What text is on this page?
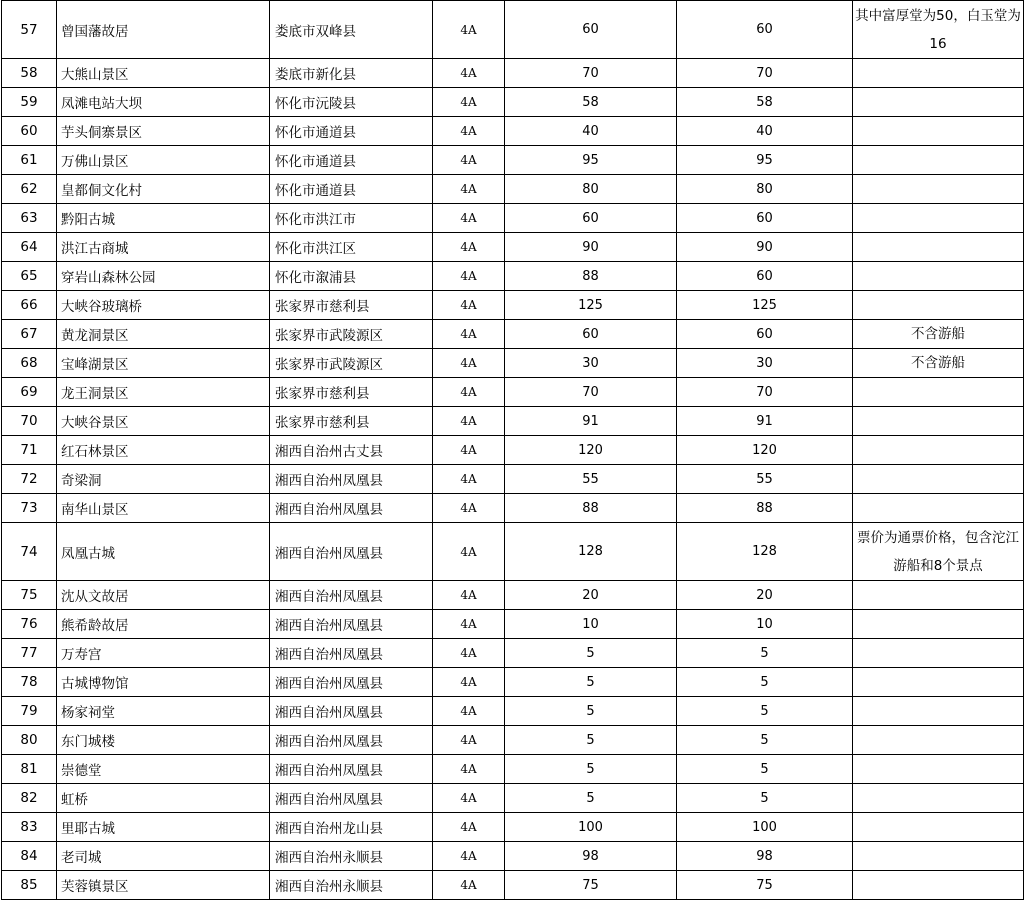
57	曾国藩故居	娄底市双峰县	4A	60	60	其中富厚堂为50，白玉堂为16
58	大熊山景区	娄底市新化县	4A	70	70	
59	凤滩电站大坝	怀化市沅陵县	4A	58	58	
60	芋头侗寨景区	怀化市通道县	4A	40	40	
61	万佛山景区	怀化市通道县	4A	95	95	
62	皇都侗文化村	怀化市通道县	4A	80	80	
63	黔阳古城	怀化市洪江市	4A	60	60	
64	洪江古商城	怀化市洪江区	4A	90	90	
65	穿岩山森林公园	怀化市溆浦县	4A	88	60	
66	大峡谷玻璃桥	张家界市慈利县	4A	125	125	
67	黄龙洞景区	张家界市武陵源区	4A	60	60	不含游船
68	宝峰湖景区	张家界市武陵源区	4A	30	30	不含游船
69	龙王洞景区	张家界市慈利县	4A	70	70	
70	大峡谷景区	张家界市慈利县	4A	91	91	
71	红石林景区	湘西自治州古丈县	4A	120	120	
72	奇梁洞	湘西自治州凤凰县	4A	55	55	
73	南华山景区	湘西自治州凤凰县	4A	88	88	
74	凤凰古城	湘西自治州凤凰县	4A	128	128	票价为通票价格，包含沱江游船和8个景点
75	沈从文故居	湘西自治州凤凰县	4A	20	20	
76	熊希龄故居	湘西自治州凤凰县	4A	10	10	
77	万寿宫	湘西自治州凤凰县	4A	5	5	
78	古城博物馆	湘西自治州凤凰县	4A	5	5	
79	杨家祠堂	湘西自治州凤凰县	4A	5	5	
80	东门城楼	湘西自治州凤凰县	4A	5	5	
81	崇德堂	湘西自治州凤凰县	4A	5	5	
82	虹桥	湘西自治州凤凰县	4A	5	5	
83	里耶古城	湘西自治州龙山县	4A	100	100	
84	老司城	湘西自治州永顺县	4A	98	98	
85	芙蓉镇景区	湘西自治州永顺县	4A	75	75	
